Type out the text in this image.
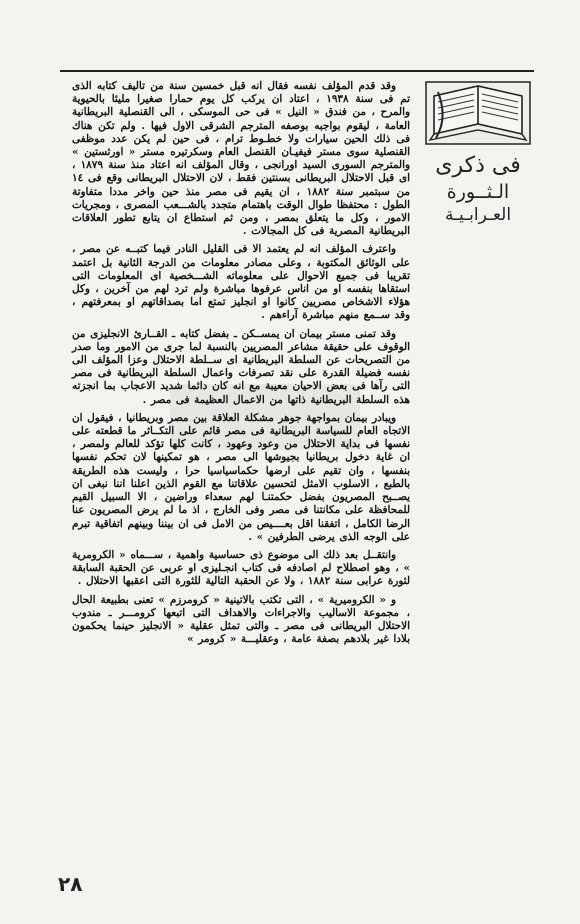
فى ذكرى
الـثــورة
العـرابـيـة

وقد قدم المؤلف نفسه فقال انه قبل خمسين سنة من تاليف كتابه الذى تم فى سنة ١٩٣٨ ، اعتاد ان يركب كل يوم حمارا صغيرا مليئا بالحيوية والمرح ، من فندق « النيل » فى حى الموسكى ، الى القنصلية البريطانية العامة ، ليقوم بواجبه بوصفه المترجم الشرقى الاول فيها . ولم تكن هناك فى ذلك الحين سيارات ولا خطـوط ترام ، فى حين لم يكن عدد موظفى القنصلية سوى مستر فيفيـان القنصل العام وسكرتيره مستر « اورثستين » والمترجم السورى السيد اورانجى ، وقال المؤلف انه اعتاد منذ سنة ١٨٧٩ ، اى قبل الاحتلال البريطانى بسنتين فقط ، لان الاحتلال البريطانى وقع فى ١٤ من سبتمبر سنة ١٨٨٢ ، ان يقيم فى مصر منذ حين واخر مددا متفاوتة الطول : محتفظا طوال الوقت باهتمام متجدد بالشـــعب المصرى ، ومجريات الامور ، وكل ما يتعلق بمصر ، ومن ثم استطاع ان يتابع تطور العلاقات البريطانية المصرية فى كل المجالات .

واعترف المؤلف انه لم يعتمد الا فى القليل النادر فيما كتبــه عن مصر ، على الوثائق المكتوبة ، وعلى مصادر معلومات من الدرجة الثانية بل اعتمد تقريبا فى جميع الاحوال على معلوماته الشـــخصية اى المعلومات التى استقاها بنفسه او من اناس عرفوها مباشرة ولم ترد لهم من آخرين ، وكل هؤلاء الاشخاص مصريين كانوا او انجليز تمتع اما بصداقاتهم او بمعرفتهم ، وقد ســمع منهم مباشرة آراءهم .

وقد تمنى مستر بيمان ان يمســكن ـ بفضل كتابه ـ القــارئ الانجليزى من الوقوف على حقيقة مشاعر المصريين بالنسبة لما جرى من الامور وما صدر من التصريحات عن السلطة البريطانية اى ســلطة الاحتلال وعزا المؤلف الى نفسه فضيلة القدرة على نقد تصرفات واعمال السلطة البريطانية فى مصر التى رآها فى بعض الاحيان معيبة مع انه كان دائما شديد الاعجاب بما انجزته هذه السلطة البريطانية ذاتها من الاعمال العظيمة فى مصر .

ويبادر بيمان بمواجهة جوهر مشكلة العلاقة بين مصر وبريطانيا ، فيقول ان الاتجاه العام للسياسة البريطانية فى مصر قائم على التكــاثر ما قطعته على نفسها فى بداية الاحتلال من وعود وعهود ، كانت كلها تؤكد للعالم ولمصر ، ان غاية دخول بريطانيا بجيوشها الى مصر ، هو تمكينها لان تحكم نفسها بنفسها ، وان تقيم على ارضها حكماسياسيا حرا ، وليست هذه الطريقة بالطبع ، الاسلوب الامثل لتحسين علاقاتنا مع القوم الذين اعلنا اننا نبغى ان يصــبح المصريون بفضل حكمتنـا لهم سعداء وراضين ، الا السبيل القيم للمحافظة على مكانتنا فى مصر وفى الخارج ، اذ ما لم يرض المصريون عنا الرضا الكامل ، اتفقنا اقل بعــــيص من الامل فى ان بيننا وبينهم اتفاقية تبرم على الوجه الذى يرضى الطرفين » .

وانتقــل بعد ذلك الى موضوع ذى حساسية واهمية ، ســـماه « الكرومرية » ، وهو اصطلاح لم اصادفه فى كتاب انجـليزى او عربى عن الحقبة السابقة لثورة عرابى سنة ١٨٨٢ ، ولا عن الحقبة التالية للثورة التى اعقبها الاحتلال .

و « الكروميرية » ، التى تكتب بالاتينية « كرومرزم » تعنى بطبيعة الحال ، مجموعة الاساليب والاجراءات والاهداف التى اتبعها كرومـــر ـ مندوب الاحتلال البريطانى فى مصر ـ والتى تمثل عقلية « الانجليز حينما يحكمون بلادا غير بلادهم بصفة عامة ، وعقليـــة « كرومر »

٢٨
